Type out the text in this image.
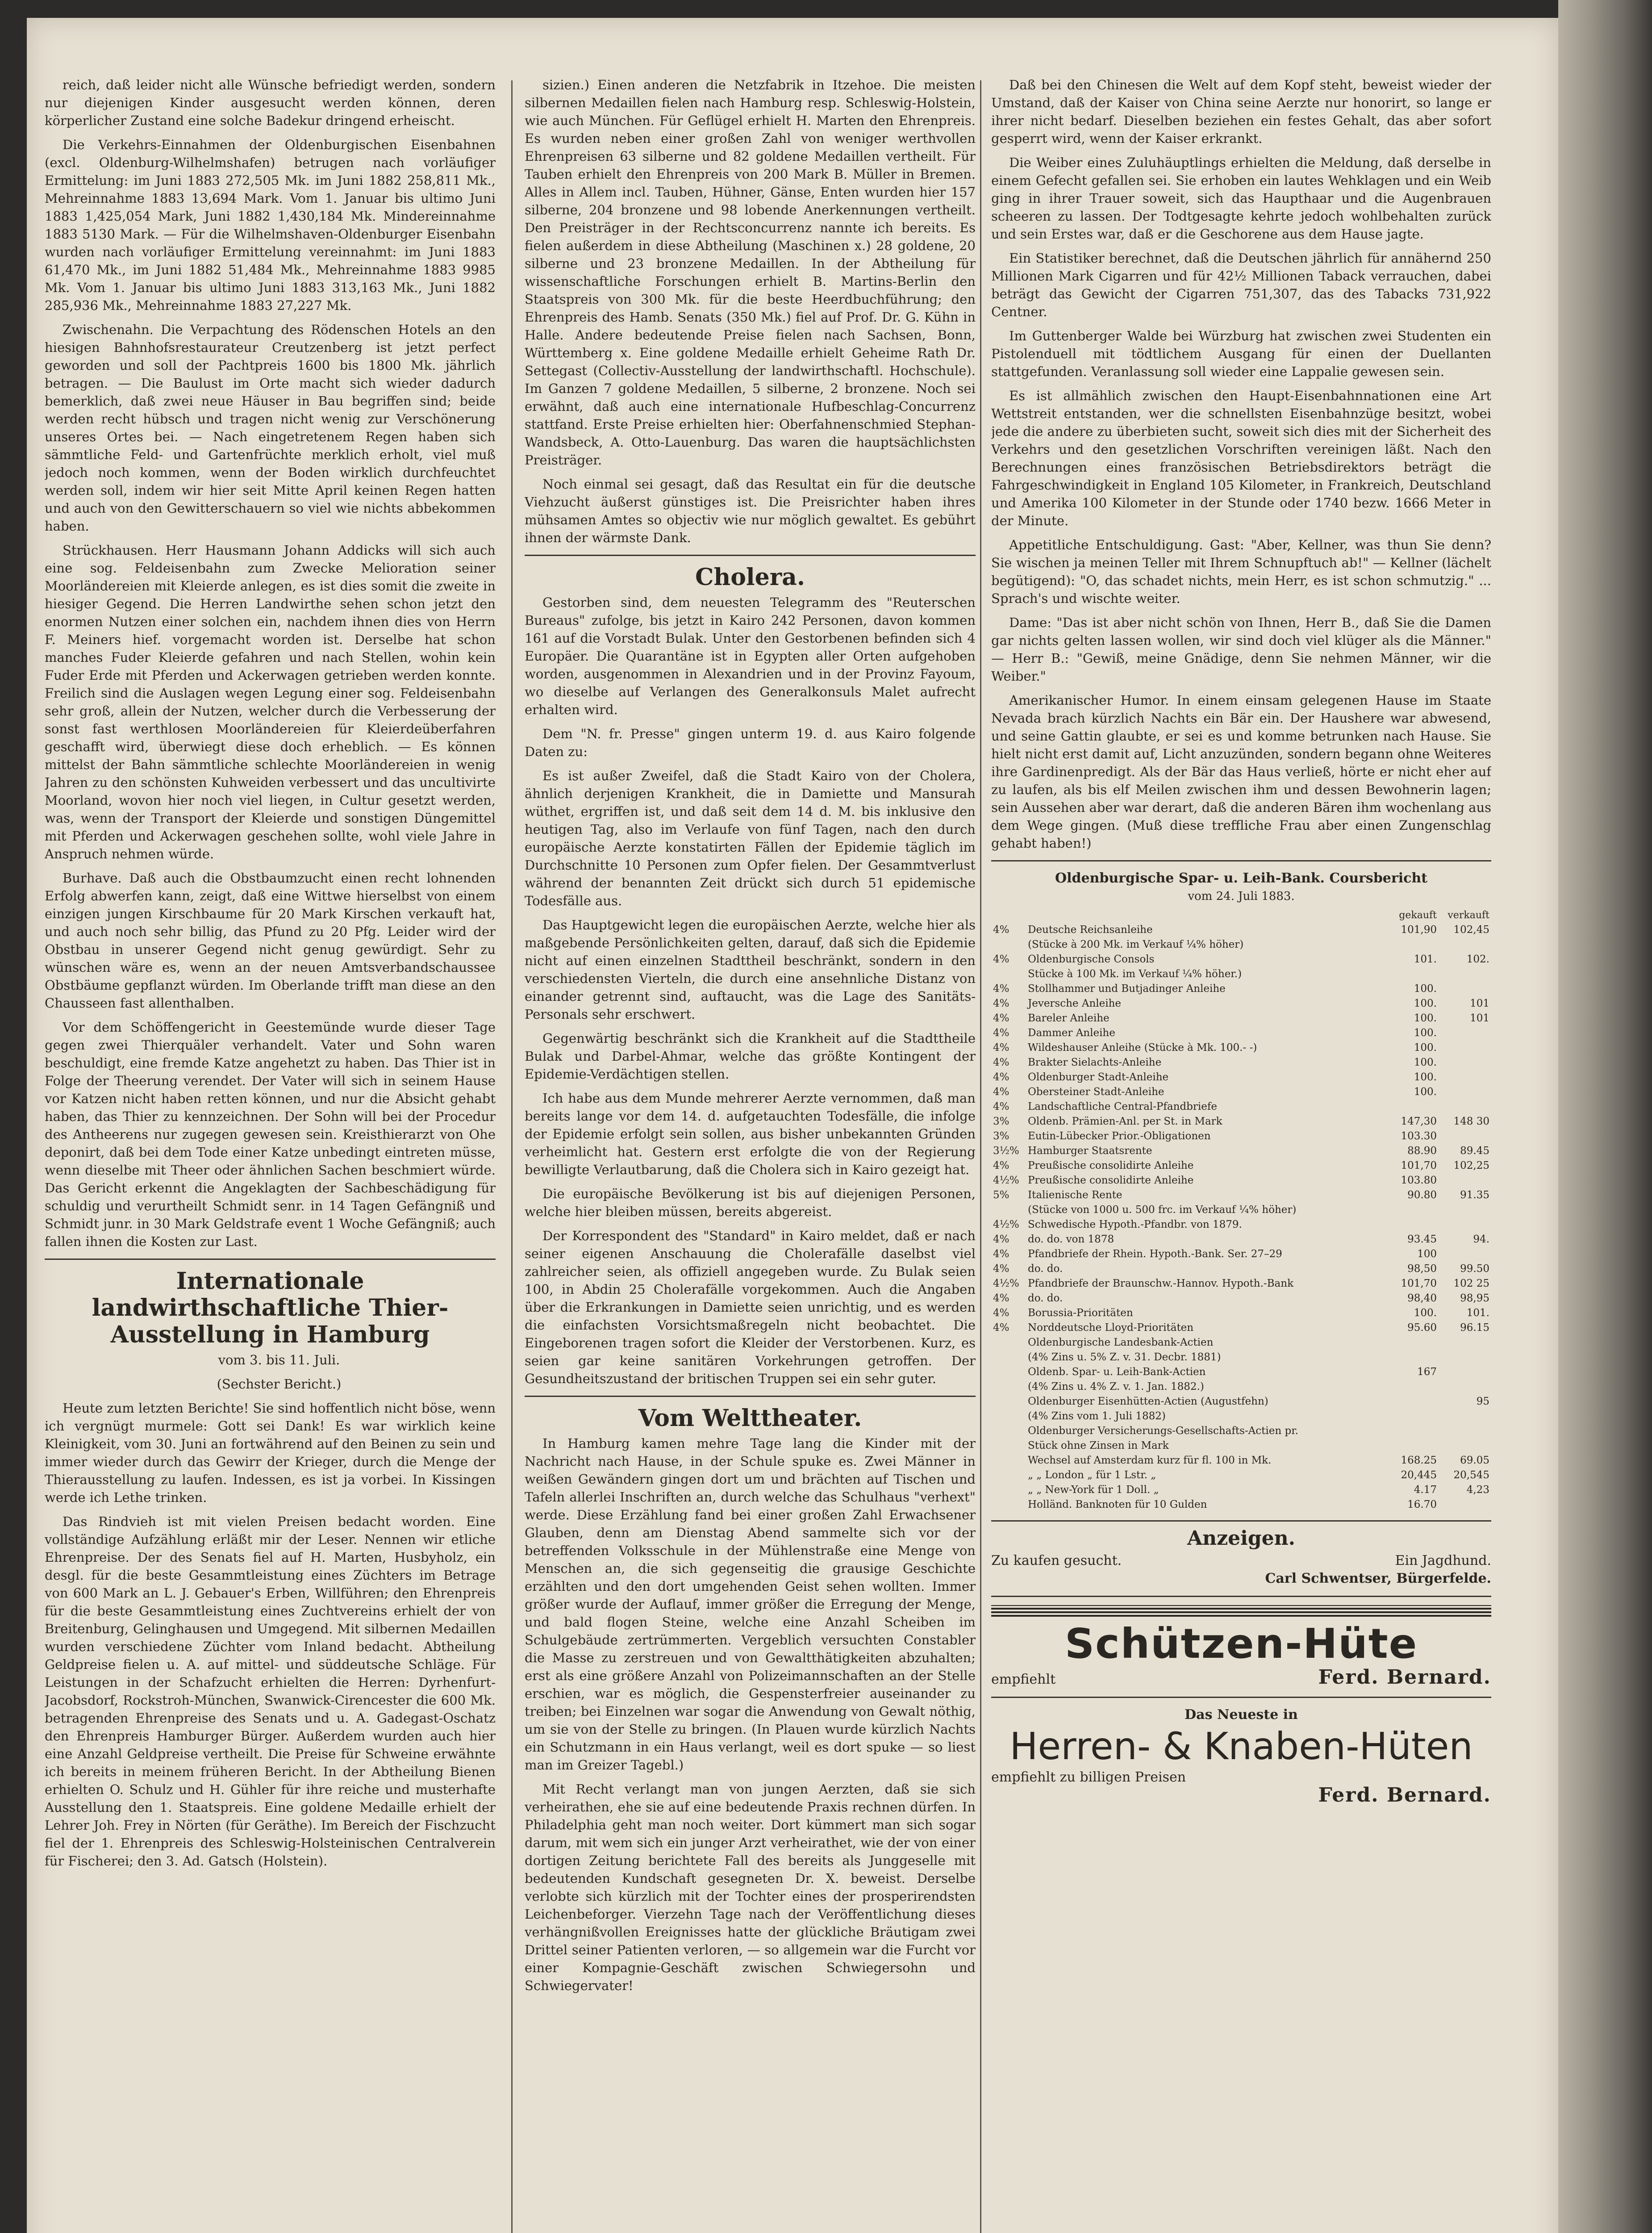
reich, daß leider nicht alle Wünsche befriedigt werden, sondern nur diejenigen Kinder ausgesucht werden können, deren körperlicher Zustand eine solche Badekur dringend erheischt.

Die Verkehrs-Einnahmen der Oldenburgischen Eisenbahnen (excl. Oldenburg-Wilhelmshafen) betrugen nach vorläufiger Ermittelung: im Juni 1883 272,505 Mk. im Juni 1882 258,811 Mk., Mehreinnahme 1883 13,694 Mark. Vom 1. Januar bis ultimo Juni 1883 1,425,054 Mark, Juni 1882 1,430,184 Mk. Mindereinnahme 1883 5130 Mark. — Für die Wilhelmshaven-Oldenburger Eisenbahn wurden nach vorläufiger Ermittelung vereinnahmt: im Juni 1883 61,470 Mk., im Juni 1882 51,484 Mk., Mehreinnahme 1883 9985 Mk. Vom 1. Januar bis ultimo Juni 1883 313,163 Mk., Juni 1882 285,936 Mk., Mehreinnahme 1883 27,227 Mk.

Zwischenahn. Die Verpachtung des Rödenschen Hotels an den hiesigen Bahnhofsrestaurateur Creutzenberg ist jetzt perfect geworden und soll der Pachtpreis 1600 bis 1800 Mk. jährlich betragen. — Die Baulust im Orte macht sich wieder dadurch bemerklich, daß zwei neue Häuser in Bau begriffen sind; beide werden recht hübsch und tragen nicht wenig zur Verschönerung unseres Ortes bei. — Nach eingetretenem Regen haben sich sämmtliche Feld- und Gartenfrüchte merklich erholt, viel muß jedoch noch kommen, wenn der Boden wirklich durchfeuchtet werden soll, indem wir hier seit Mitte April keinen Regen hatten und auch von den Gewitterschauern so viel wie nichts abbekommen haben.

Strückhausen. Herr Hausmann Johann Addicks will sich auch eine sog. Feldeisenbahn zum Zwecke Melioration seiner Moorländereien mit Kleierde anlegen, es ist dies somit die zweite in hiesiger Gegend. Die Herren Landwirthe sehen schon jetzt den enormen Nutzen einer solchen ein, nachdem ihnen dies von Herrn F. Meiners hief. vorgemacht worden ist. Derselbe hat schon manches Fuder Kleierde gefahren und nach Stellen, wohin kein Fuder Erde mit Pferden und Ackerwagen getrieben werden konnte. Freilich sind die Auslagen wegen Legung einer sog. Feldeisenbahn sehr groß, allein der Nutzen, welcher durch die Verbesserung der sonst fast werthlosen Moorländereien für Kleierdeüberfahren geschafft wird, überwiegt diese doch erheblich. — Es können mittelst der Bahn sämmtliche schlechte Moorländereien in wenig Jahren zu den schönsten Kuhweiden verbessert und das uncultivirte Moorland, wovon hier noch viel liegen, in Cultur gesetzt werden, was, wenn der Transport der Kleierde und sonstigen Düngemittel mit Pferden und Ackerwagen geschehen sollte, wohl viele Jahre in Anspruch nehmen würde.

Burhave. Daß auch die Obstbaumzucht einen recht lohnenden Erfolg abwerfen kann, zeigt, daß eine Wittwe hierselbst von einem einzigen jungen Kirschbaume für 20 Mark Kirschen verkauft hat, und auch noch sehr billig, das Pfund zu 20 Pfg. Leider wird der Obstbau in unserer Gegend nicht genug gewürdigt. Sehr zu wünschen wäre es, wenn an der neuen Amtsverbandschaussee Obstbäume gepflanzt würden. Im Oberlande trifft man diese an den Chausseen fast allenthalben.

Vor dem Schöffengericht in Geestemünde wurde dieser Tage gegen zwei Thierquäler verhandelt. Vater und Sohn waren beschuldigt, eine fremde Katze angehetzt zu haben. Das Thier ist in Folge der Theerung verendet. Der Vater will sich in seinem Hause vor Katzen nicht haben retten können, und nur die Absicht gehabt haben, das Thier zu kennzeichnen. Der Sohn will bei der Procedur des Antheerens nur zugegen gewesen sein. Kreisthierarzt von Ohe deponirt, daß bei dem Tode einer Katze unbedingt eintreten müsse, wenn dieselbe mit Theer oder ähnlichen Sachen beschmiert würde. Das Gericht erkennt die Angeklagten der Sachbeschädigung für schuldig und verurtheilt Schmidt senr. in 14 Tagen Gefängniß und Schmidt junr. in 30 Mark Geldstrafe event 1 Woche Gefängniß; auch fallen ihnen die Kosten zur Last.

Internationale landwirthschaftliche Thier-Ausstellung in Hamburg

vom 3. bis 11. Juli.

(Sechster Bericht.)

Heute zum letzten Berichte! Sie sind hoffentlich nicht böse, wenn ich vergnügt murmele: Gott sei Dank! Es war wirklich keine Kleinigkeit, vom 30. Juni an fortwährend auf den Beinen zu sein und immer wieder durch das Gewirr der Krieger, durch die Menge der Thierausstellung zu laufen. Indessen, es ist ja vorbei. In Kissingen werde ich Lethe trinken.

Das Rindvieh ist mit vielen Preisen bedacht worden. Eine vollständige Aufzählung erläßt mir der Leser. Nennen wir etliche Ehrenpreise. Der des Senats fiel auf H. Marten, Husbyholz, ein desgl. für die beste Gesammtleistung eines Züchters im Betrage von 600 Mark an L. J. Gebauer's Erben, Willführen; den Ehrenpreis für die beste Gesammtleistung eines Zuchtvereins erhielt der von Breitenburg, Gelinghausen und Umgegend. Mit silbernen Medaillen wurden verschiedene Züchter vom Inland bedacht. Abtheilung Geldpreise fielen u. A. auf mittel- und süddeutsche Schläge. Für Leistungen in der Schafzucht erhielten die Herren: Dyrhenfurt-Jacobsdorf, Rockstroh-München, Swanwick-Cirencester die 600 Mk. betragenden Ehrenpreise des Senats und u. A. Gadegast-Oschatz den Ehrenpreis Hamburger Bürger. Außerdem wurden auch hier eine Anzahl Geldpreise vertheilt. Die Preise für Schweine erwähnte ich bereits in meinem früheren Bericht. In der Abtheilung Bienen erhielten O. Schulz und H. Gühler für ihre reiche und musterhafte Ausstellung den 1. Staatspreis. Eine goldene Medaille erhielt der Lehrer Joh. Frey in Nörten (für Geräthe). Im Bereich der Fischzucht fiel der 1. Ehrenpreis des Schleswig-Holsteinischen Centralverein für Fischerei; den 3. Ad. Gatsch (Holstein).

sizien.) Einen anderen die Netzfabrik in Itzehoe. Die meisten silbernen Medaillen fielen nach Hamburg resp. Schleswig-Holstein, wie auch München. Für Geflügel erhielt H. Marten den Ehrenpreis. Es wurden neben einer großen Zahl von weniger werthvollen Ehrenpreisen 63 silberne und 82 goldene Medaillen vertheilt. Für Tauben erhielt den Ehrenpreis von 200 Mark B. Müller in Bremen. Alles in Allem incl. Tauben, Hühner, Gänse, Enten wurden hier 157 silberne, 204 bronzene und 98 lobende Anerkennungen vertheilt. Den Preisträger in der Rechtsconcurrenz nannte ich bereits. Es fielen außerdem in diese Abtheilung (Maschinen x.) 28 goldene, 20 silberne und 23 bronzene Medaillen. In der Abtheilung für wissenschaftliche Forschungen erhielt B. Martins-Berlin den Staatspreis von 300 Mk. für die beste Heerdbuchführung; den Ehrenpreis des Hamb. Senats (350 Mk.) fiel auf Prof. Dr. G. Kühn in Halle. Andere bedeutende Preise fielen nach Sachsen, Bonn, Württemberg x. Eine goldene Medaille erhielt Geheime Rath Dr. Settegast (Collectiv-Ausstellung der landwirthschaftl. Hochschule). Im Ganzen 7 goldene Medaillen, 5 silberne, 2 bronzene. Noch sei erwähnt, daß auch eine internationale Hufbeschlag-Concurrenz stattfand. Erste Preise erhielten hier: Oberfahnenschmied Stephan-Wandsbeck, A. Otto-Lauenburg. Das waren die hauptsächlichsten Preisträger.

Noch einmal sei gesagt, daß das Resultat ein für die deutsche Viehzucht äußerst günstiges ist. Die Preisrichter haben ihres mühsamen Amtes so objectiv wie nur möglich gewaltet. Es gebührt ihnen der wärmste Dank.

Cholera.

Gestorben sind, dem neuesten Telegramm des "Reuterschen Bureaus" zufolge, bis jetzt in Kairo 242 Personen, davon kommen 161 auf die Vorstadt Bulak. Unter den Gestorbenen befinden sich 4 Europäer. Die Quarantäne ist in Egypten aller Orten aufgehoben worden, ausgenommen in Alexandrien und in der Provinz Fayoum, wo dieselbe auf Verlangen des Generalkonsuls Malet aufrecht erhalten wird.

Dem "N. fr. Presse" gingen unterm 19. d. aus Kairo folgende Daten zu:

Es ist außer Zweifel, daß die Stadt Kairo von der Cholera, ähnlich derjenigen Krankheit, die in Damiette und Mansurah wüthet, ergriffen ist, und daß seit dem 14 d. M. bis inklusive den heutigen Tag, also im Verlaufe von fünf Tagen, nach den durch europäische Aerzte konstatirten Fällen der Epidemie täglich im Durchschnitte 10 Personen zum Opfer fielen. Der Gesammtverlust während der benannten Zeit drückt sich durch 51 epidemische Todesfälle aus.

Das Hauptgewicht legen die europäischen Aerzte, welche hier als maßgebende Persönlichkeiten gelten, darauf, daß sich die Epidemie nicht auf einen einzelnen Stadttheil beschränkt, sondern in den verschiedensten Vierteln, die durch eine ansehnliche Distanz von einander getrennt sind, auftaucht, was die Lage des Sanitäts-Personals sehr erschwert.

Gegenwärtig beschränkt sich die Krankheit auf die Stadttheile Bulak und Darbel-Ahmar, welche das größte Kontingent der Epidemie-Verdächtigen stellen.

Ich habe aus dem Munde mehrerer Aerzte vernommen, daß man bereits lange vor dem 14. d. aufgetauchten Todesfälle, die infolge der Epidemie erfolgt sein sollen, aus bisher unbekannten Gründen verheimlicht hat. Gestern erst erfolgte die von der Regierung bewilligte Verlautbarung, daß die Cholera sich in Kairo gezeigt hat.

Die europäische Bevölkerung ist bis auf diejenigen Personen, welche hier bleiben müssen, bereits abgereist.

Der Korrespondent des "Standard" in Kairo meldet, daß er nach seiner eigenen Anschauung die Cholerafälle daselbst viel zahlreicher seien, als offiziell angegeben wurde. Zu Bulak seien 100, in Abdin 25 Cholerafälle vorgekommen. Auch die Angaben über die Erkrankungen in Damiette seien unrichtig, und es werden die einfachsten Vorsichtsmaßregeln nicht beobachtet. Die Eingeborenen tragen sofort die Kleider der Verstorbenen. Kurz, es seien gar keine sanitären Vorkehrungen getroffen. Der Gesundheitszustand der britischen Truppen sei ein sehr guter.

Vom Welttheater.

In Hamburg kamen mehre Tage lang die Kinder mit der Nachricht nach Hause, in der Schule spuke es. Zwei Männer in weißen Gewändern gingen dort um und brächten auf Tischen und Tafeln allerlei Inschriften an, durch welche das Schulhaus "verhext" werde. Diese Erzählung fand bei einer großen Zahl Erwachsener Glauben, denn am Dienstag Abend sammelte sich vor der betreffenden Volksschule in der Mühlenstraße eine Menge von Menschen an, die sich gegenseitig die grausige Geschichte erzählten und den dort umgehenden Geist sehen wollten. Immer größer wurde der Auflauf, immer größer die Erregung der Menge, und bald flogen Steine, welche eine Anzahl Scheiben im Schulgebäude zertrümmerten. Vergeblich versuchten Constabler die Masse zu zerstreuen und von Gewaltthätigkeiten abzuhalten; erst als eine größere Anzahl von Polizeimannschaften an der Stelle erschien, war es möglich, die Gespensterfreier auseinander zu treiben; bei Einzelnen war sogar die Anwendung von Gewalt nöthig, um sie von der Stelle zu bringen. (In Plauen wurde kürzlich Nachts ein Schutzmann in ein Haus verlangt, weil es dort spuke — so liest man im Greizer Tagebl.)

Mit Recht verlangt man von jungen Aerzten, daß sie sich verheirathen, ehe sie auf eine bedeutende Praxis rechnen dürfen. In Philadelphia geht man noch weiter. Dort kümmert man sich sogar darum, mit wem sich ein junger Arzt verheirathet, wie der von einer dortigen Zeitung berichtete Fall des bereits als Junggeselle mit bedeutenden Kundschaft gesegneten Dr. X. beweist. Derselbe verlobte sich kürzlich mit der Tochter eines der prosperirendsten Leichenbeforger. Vierzehn Tage nach der Veröffentlichung dieses verhängnißvollen Ereignisses hatte der glückliche Bräutigam zwei Drittel seiner Patienten verloren, — so allgemein war die Furcht vor einer Kompagnie-Geschäft zwischen Schwiegersohn und Schwiegervater!

Daß bei den Chinesen die Welt auf dem Kopf steht, beweist wieder der Umstand, daß der Kaiser von China seine Aerzte nur honorirt, so lange er ihrer nicht bedarf. Dieselben beziehen ein festes Gehalt, das aber sofort gesperrt wird, wenn der Kaiser erkrankt.

Die Weiber eines Zuluhäuptlings erhielten die Meldung, daß derselbe in einem Gefecht gefallen sei. Sie erhoben ein lautes Wehklagen und ein Weib ging in ihrer Trauer soweit, sich das Haupthaar und die Augenbrauen scheeren zu lassen. Der Todtgesagte kehrte jedoch wohlbehalten zurück und sein Erstes war, daß er die Geschorene aus dem Hause jagte.

Ein Statistiker berechnet, daß die Deutschen jährlich für annähernd 250 Millionen Mark Cigarren und für 42½ Millionen Taback verrauchen, dabei beträgt das Gewicht der Cigarren 751,307, das des Tabacks 731,922 Centner.

Im Guttenberger Walde bei Würzburg hat zwischen zwei Studenten ein Pistolenduell mit tödtlichem Ausgang für einen der Duellanten stattgefunden. Veranlassung soll wieder eine Lappalie gewesen sein.

Es ist allmählich zwischen den Haupt-Eisenbahnnationen eine Art Wettstreit entstanden, wer die schnellsten Eisenbahnzüge besitzt, wobei jede die andere zu überbieten sucht, soweit sich dies mit der Sicherheit des Verkehrs und den gesetzlichen Vorschriften vereinigen läßt. Nach den Berechnungen eines französischen Betriebsdirektors beträgt die Fahrgeschwindigkeit in England 105 Kilometer, in Frankreich, Deutschland und Amerika 100 Kilometer in der Stunde oder 1740 bezw. 1666 Meter in der Minute.

Appetitliche Entschuldigung. Gast: "Aber, Kellner, was thun Sie denn? Sie wischen ja meinen Teller mit Ihrem Schnupftuch ab!" — Kellner (lächelt begütigend): "O, das schadet nichts, mein Herr, es ist schon schmutzig." ... Sprach's und wischte weiter.

Dame: "Das ist aber nicht schön von Ihnen, Herr B., daß Sie die Damen gar nichts gelten lassen wollen, wir sind doch viel klüger als die Männer." — Herr B.: "Gewiß, meine Gnädige, denn Sie nehmen Männer, wir die Weiber."

Amerikanischer Humor. In einem einsam gelegenen Hause im Staate Nevada brach kürzlich Nachts ein Bär ein. Der Haushere war abwesend, und seine Gattin glaubte, er sei es und komme betrunken nach Hause. Sie hielt nicht erst damit auf, Licht anzuzünden, sondern begann ohne Weiteres ihre Gardinenpredigt. Als der Bär das Haus verließ, hörte er nicht eher auf zu laufen, als bis elf Meilen zwischen ihm und dessen Bewohnerin lagen; sein Aussehen aber war derart, daß die anderen Bären ihm wochenlang aus dem Wege gingen. (Muß diese treffliche Frau aber einen Zungenschlag gehabt haben!)

Oldenburgische Spar- u. Leih-Bank. Coursbericht
vom 24. Juli 1883.
		gekauft	verkauft
4%	Deutsche Reichsanleihe	101,90	102,45
	(Stücke à 200 Mk. im Verkauf ¼% höher)		
4%	Oldenburgische Consols	101.	102.
	Stücke à 100 Mk. im Verkauf ¼% höher.)		
4%	Stollhammer und Butjadinger Anleihe	100.	
4%	Jeversche Anleihe	100.	101
4%	Bareler Anleihe	100.	101
4%	Dammer Anleihe	100.	
4%	Wildeshauser Anleihe (Stücke à Mk. 100.- -)	100.	
4%	Brakter Sielachts-Anleihe	100.	
4%	Oldenburger Stadt-Anleihe	100.	
4%	Obersteiner Stadt-Anleihe	100.	
4%	Landschaftliche Central-Pfandbriefe		
3%	Oldenb. Prämien-Anl. per St. in Mark	147,30	148 30
3%	Eutin-Lübecker Prior.-Obligationen	103.30	
3½%	Hamburger Staatsrente	88.90	89.45
4%	Preußische consolidirte Anleihe	101,70	102,25
4½%	Preußische consolidirte Anleihe	103.80	
5%	Italienische Rente	90.80	91.35
	(Stücke von 1000 u. 500 frc. im Verkauf ¼% höher)		
4½%	Schwedische Hypoth.-Pfandbr. von 1879.		
4%	do. do. von 1878	93.45	94.
4%	Pfandbriefe der Rhein. Hypoth.-Bank. Ser. 27–29	100	
4%	do. do.	98,50	99.50
4½%	Pfandbriefe der Braunschw.-Hannov. Hypoth.-Bank	101,70	102 25
4%	do. do.	98,40	98,95
4%	Borussia-Prioritäten	100.	101.
4%	Norddeutsche Lloyd-Prioritäten	95.60	96.15
	Oldenburgische Landesbank-Actien		
	(4% Zins u. 5% Z. v. 31. Decbr. 1881)		
	Oldenb. Spar- u. Leih-Bank-Actien	167	
	(4% Zins u. 4% Z. v. 1. Jan. 1882.)		
	Oldenburger Eisenhütten-Actien (Augustfehn)		95
	(4% Zins vom 1. Juli 1882)		
	Oldenburger Versicherungs-Gesellschafts-Actien pr.		
	Stück ohne Zinsen in Mark		
	Wechsel auf Amsterdam kurz für fl. 100 in Mk.	168.25	69.05
	„ „ London „ für 1 Lstr. „	20,445	20,545
	„ „ New-York für 1 Doll. „	4.17	4,23
	Holländ. Banknoten für 10 Gulden	16.70	
Anzeigen.
Zu kaufen gesucht.	Ein Jagdhund.
Carl Schwentser, Bürgerfelde.
Schützen-Hüte
empfiehlt	Ferd. Bernard.
Das Neueste in
Herren- & Knaben-Hüten
empfiehlt zu billigen Preisen
Ferd. Bernard.
